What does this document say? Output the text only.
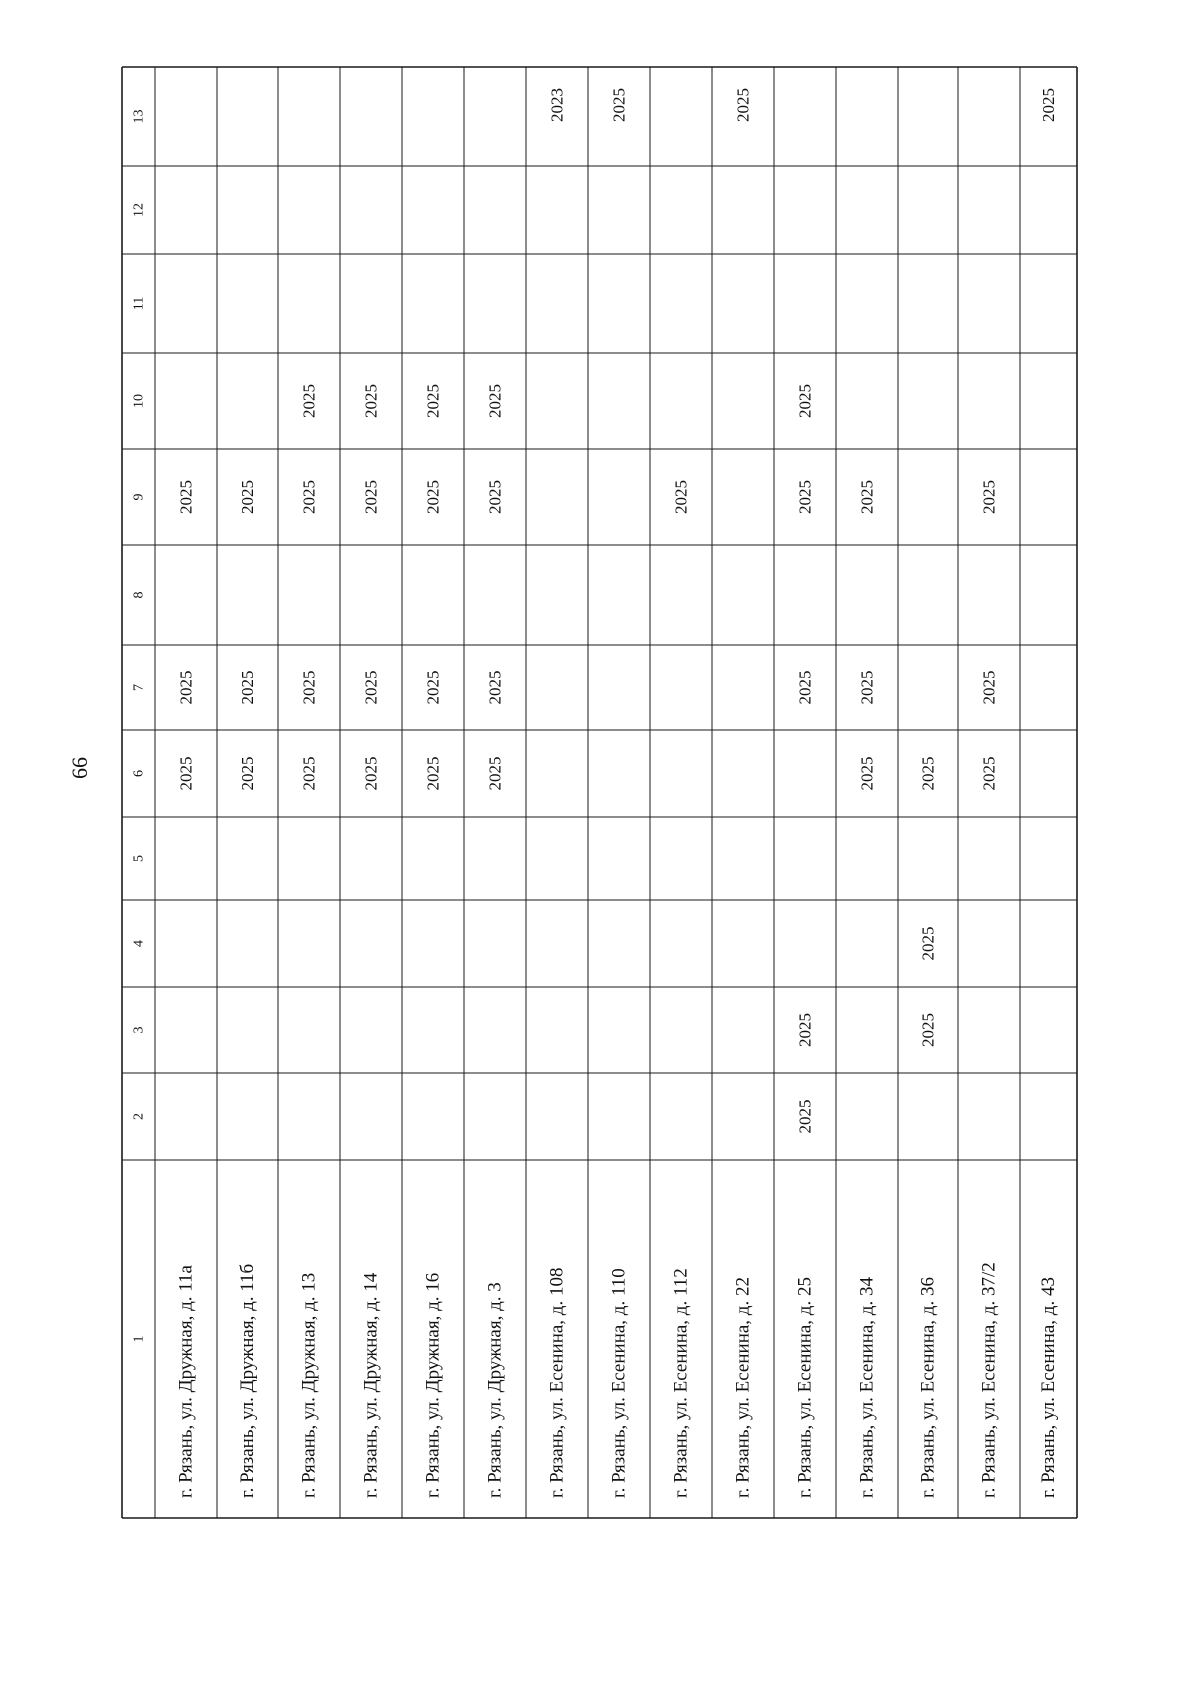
66
1
2
3
4
5
6
7
8
9
10
11
12
13
г. Рязань, ул. Дружная, д. 11а
2025
2025
2025
г. Рязань, ул. Дружная, д. 11б
2025
2025
2025
г. Рязань, ул. Дружная, д. 13
2025
2025
2025
2025
г. Рязань, ул. Дружная, д. 14
2025
2025
2025
2025
г. Рязань, ул. Дружная, д. 16
2025
2025
2025
2025
г. Рязань, ул. Дружная, д. 3
2025
2025
2025
2025
г. Рязань, ул. Есенина, д. 108
2023
г. Рязань, ул. Есенина, д. 110
2025
г. Рязань, ул. Есенина, д. 112
2025
г. Рязань, ул. Есенина, д. 22
2025
г. Рязань, ул. Есенина, д. 25
2025
2025
2025
2025
2025
г. Рязань, ул. Есенина, д. 34
2025
2025
2025
г. Рязань, ул. Есенина, д. 36
2025
2025
2025
г. Рязань, ул. Есенина, д. 37/2
2025
2025
2025
г. Рязань, ул. Есенина, д. 43
2025
